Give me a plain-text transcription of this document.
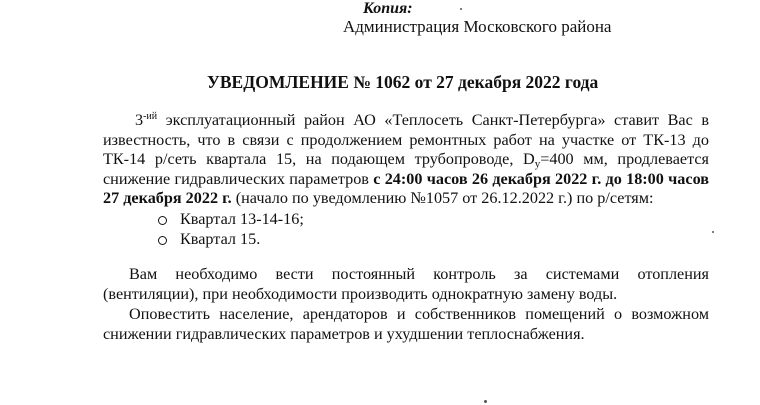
Копия:
Администрация Московского района
УВЕДОМЛЕНИЕ № 1062 от 27 декабря 2022 года
$3^{-ий}$ эксплуатационный район АО «Теплосеть Санкт-Петербурга» ставит Вас в известность, что в связи с продолжением ремонтных работ на участке от ТК-13 до ТК-14 р/сеть квартала 15, на подающем трубопроводе, $D_у=400$ мм, продлевается снижение гидравлических параметров с 24:00 часов 26 декабря 2022 г. до 18:00 часов 27 декабря 2022 г. (начало по уведомлению №1057 от 26.12.2022 г.) по р/сетям:
Квартал 13-14-16;
Квартал 15.
Вам необходимо вести постоянный контроль за системами отопления (вентиляции), при необходимости производить однократную замену воды.
Оповестить население, арендаторов и собственников помещений о возможном снижении гидравлических параметров и ухудшении теплоснабжения.
